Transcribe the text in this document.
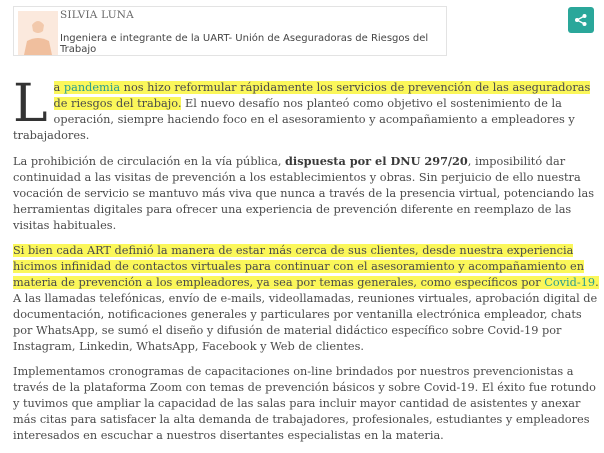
SILVIA LUNA
Ingeniera e integrante de la UART- Unión de Aseguradoras de Riesgos del Trabajo

La pandemia nos hizo reformular rápidamente los servicios de prevención de las aseguradoras de riesgos del trabajo. El nuevo desafío nos planteó como objetivo el sostenimiento de la operación, siempre haciendo foco en el asesoramiento y acompañamiento a empleadores y trabajadores.

La prohibición de circulación en la vía pública, dispuesta por el DNU 297/20, imposibilitó dar continuidad a las visitas de prevención a los establecimientos y obras. Sin perjuicio de ello nuestra vocación de servicio se mantuvo más viva que nunca a través de la presencia virtual, potenciando las herramientas digitales para ofrecer una experiencia de prevención diferente en reemplazo de las visitas habituales.

Si bien cada ART definió la manera de estar más cerca de sus clientes, desde nuestra experiencia hicimos infinidad de contactos virtuales para continuar con el asesoramiento y acompañamiento en materia de prevención a los empleadores, ya sea por temas generales, como específicos por Covid-19. A las llamadas telefónicas, envío de e-mails, videollamadas, reuniones virtuales, aprobación digital de documentación, notificaciones generales y particulares por ventanilla electrónica empleador, chats por WhatsApp, se sumó el diseño y difusión de material didáctico específico sobre Covid-19 por Instagram, Linkedin, WhatsApp, Facebook y Web de clientes.

Implementamos cronogramas de capacitaciones on-line brindados por nuestros prevencionistas a través de la plataforma Zoom con temas de prevención básicos y sobre Covid-19. El éxito fue rotundo y tuvimos que ampliar la capacidad de las salas para incluir mayor cantidad de asistentes y anexar más citas para satisfacer la alta demanda de trabajadores, profesionales, estudiantes y empleadores interesados en escuchar a nuestros disertantes especialistas en la materia.
